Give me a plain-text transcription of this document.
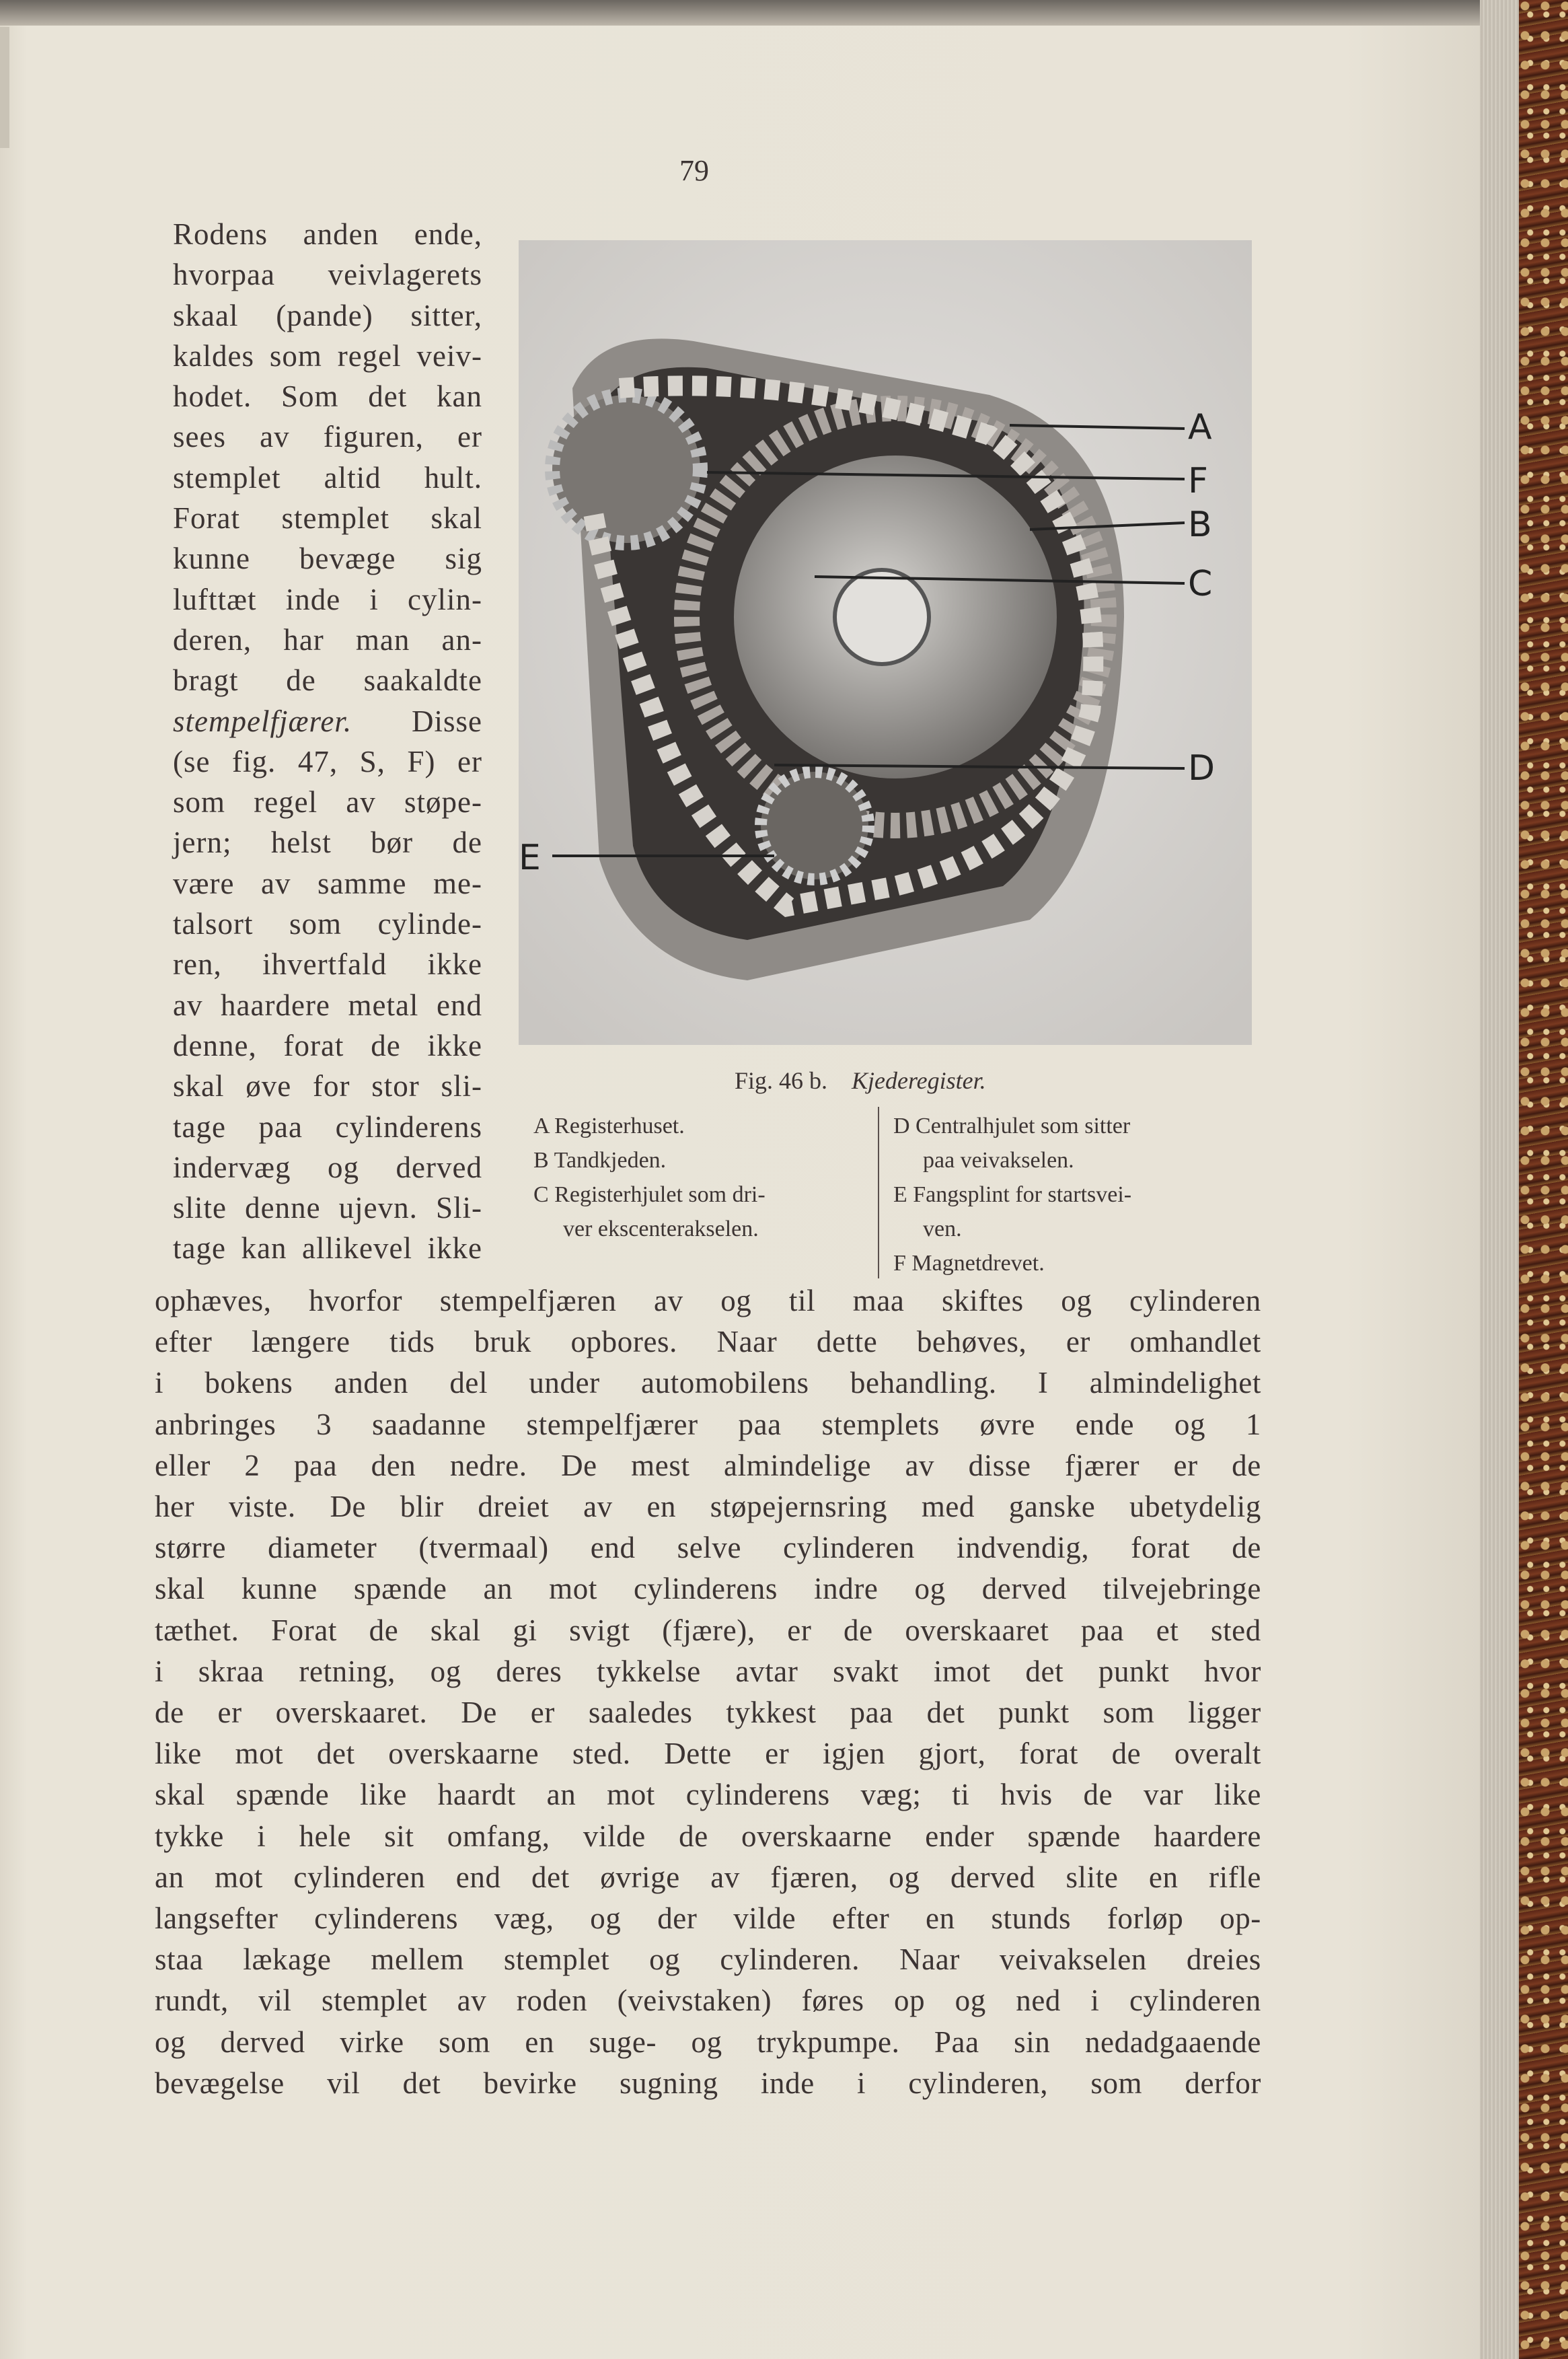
79
Rodens anden ende,
hvorpaa veivlagerets
skaal (pande) sitter,
kaldes som regel veiv-
hodet. Som det kan
sees av figuren, er
stemplet altid hult.
Forat stemplet skal
kunne bevæge sig
lufttæt inde i cylin-
deren, har man an-
bragt de saakaldte
stempelfjærer. Disse
(se fig. 47, S, F) er
som regel av støpe-
jern; helst bør de
være av samme me-
talsort som cylinde-
ren, ihvertfald ikke
av haardere metal end
denne, forat de ikke
skal øve for stor sli-
tage paa cylinderens
indervæg og derved
slite denne ujevn. Sli-
tage kan allikevel ikke
A
F
B
C
D
E
Fig. 46 b. Kjederegister.
A Registerhuset.
B Tandkjeden.
C Registerhjulet som dri-
ver ekscenterakselen.
D Centralhjulet som sitter
paa veivakselen.
E Fangsplint for startsvei-
ven.
F Magnetdrevet.
ophæves, hvorfor stempelfjæren av og til maa skiftes og cylinderen
efter længere tids bruk opbores. Naar dette behøves, er omhandlet
i bokens anden del under automobilens behandling. I almindelighet
anbringes 3 saadanne stempelfjærer paa stemplets øvre ende og 1
eller 2 paa den nedre. De mest almindelige av disse fjærer er de
her viste. De blir dreiet av en støpejernsring med ganske ubetydelig
større diameter (tvermaal) end selve cylinderen indvendig, forat de
skal kunne spænde an mot cylinderens indre og derved tilvejebringe
tæthet. Forat de skal gi svigt (fjære), er de overskaaret paa et sted
i skraa retning, og deres tykkelse avtar svakt imot det punkt hvor
de er overskaaret. De er saaledes tykkest paa det punkt som ligger
like mot det overskaarne sted. Dette er igjen gjort, forat de overalt
skal spænde like haardt an mot cylinderens væg; ti hvis de var like
tykke i hele sit omfang, vilde de overskaarne ender spænde haardere
an mot cylinderen end det øvrige av fjæren, og derved slite en rifle
langsefter cylinderens væg, og der vilde efter en stunds forløp op-
staa lækage mellem stemplet og cylinderen. Naar veivakselen dreies
rundt, vil stemplet av roden (veivstaken) føres op og ned i cylinderen
og derved virke som en suge- og trykpumpe. Paa sin nedadgaaende
bevægelse vil det bevirke sugning inde i cylinderen, som derfor
